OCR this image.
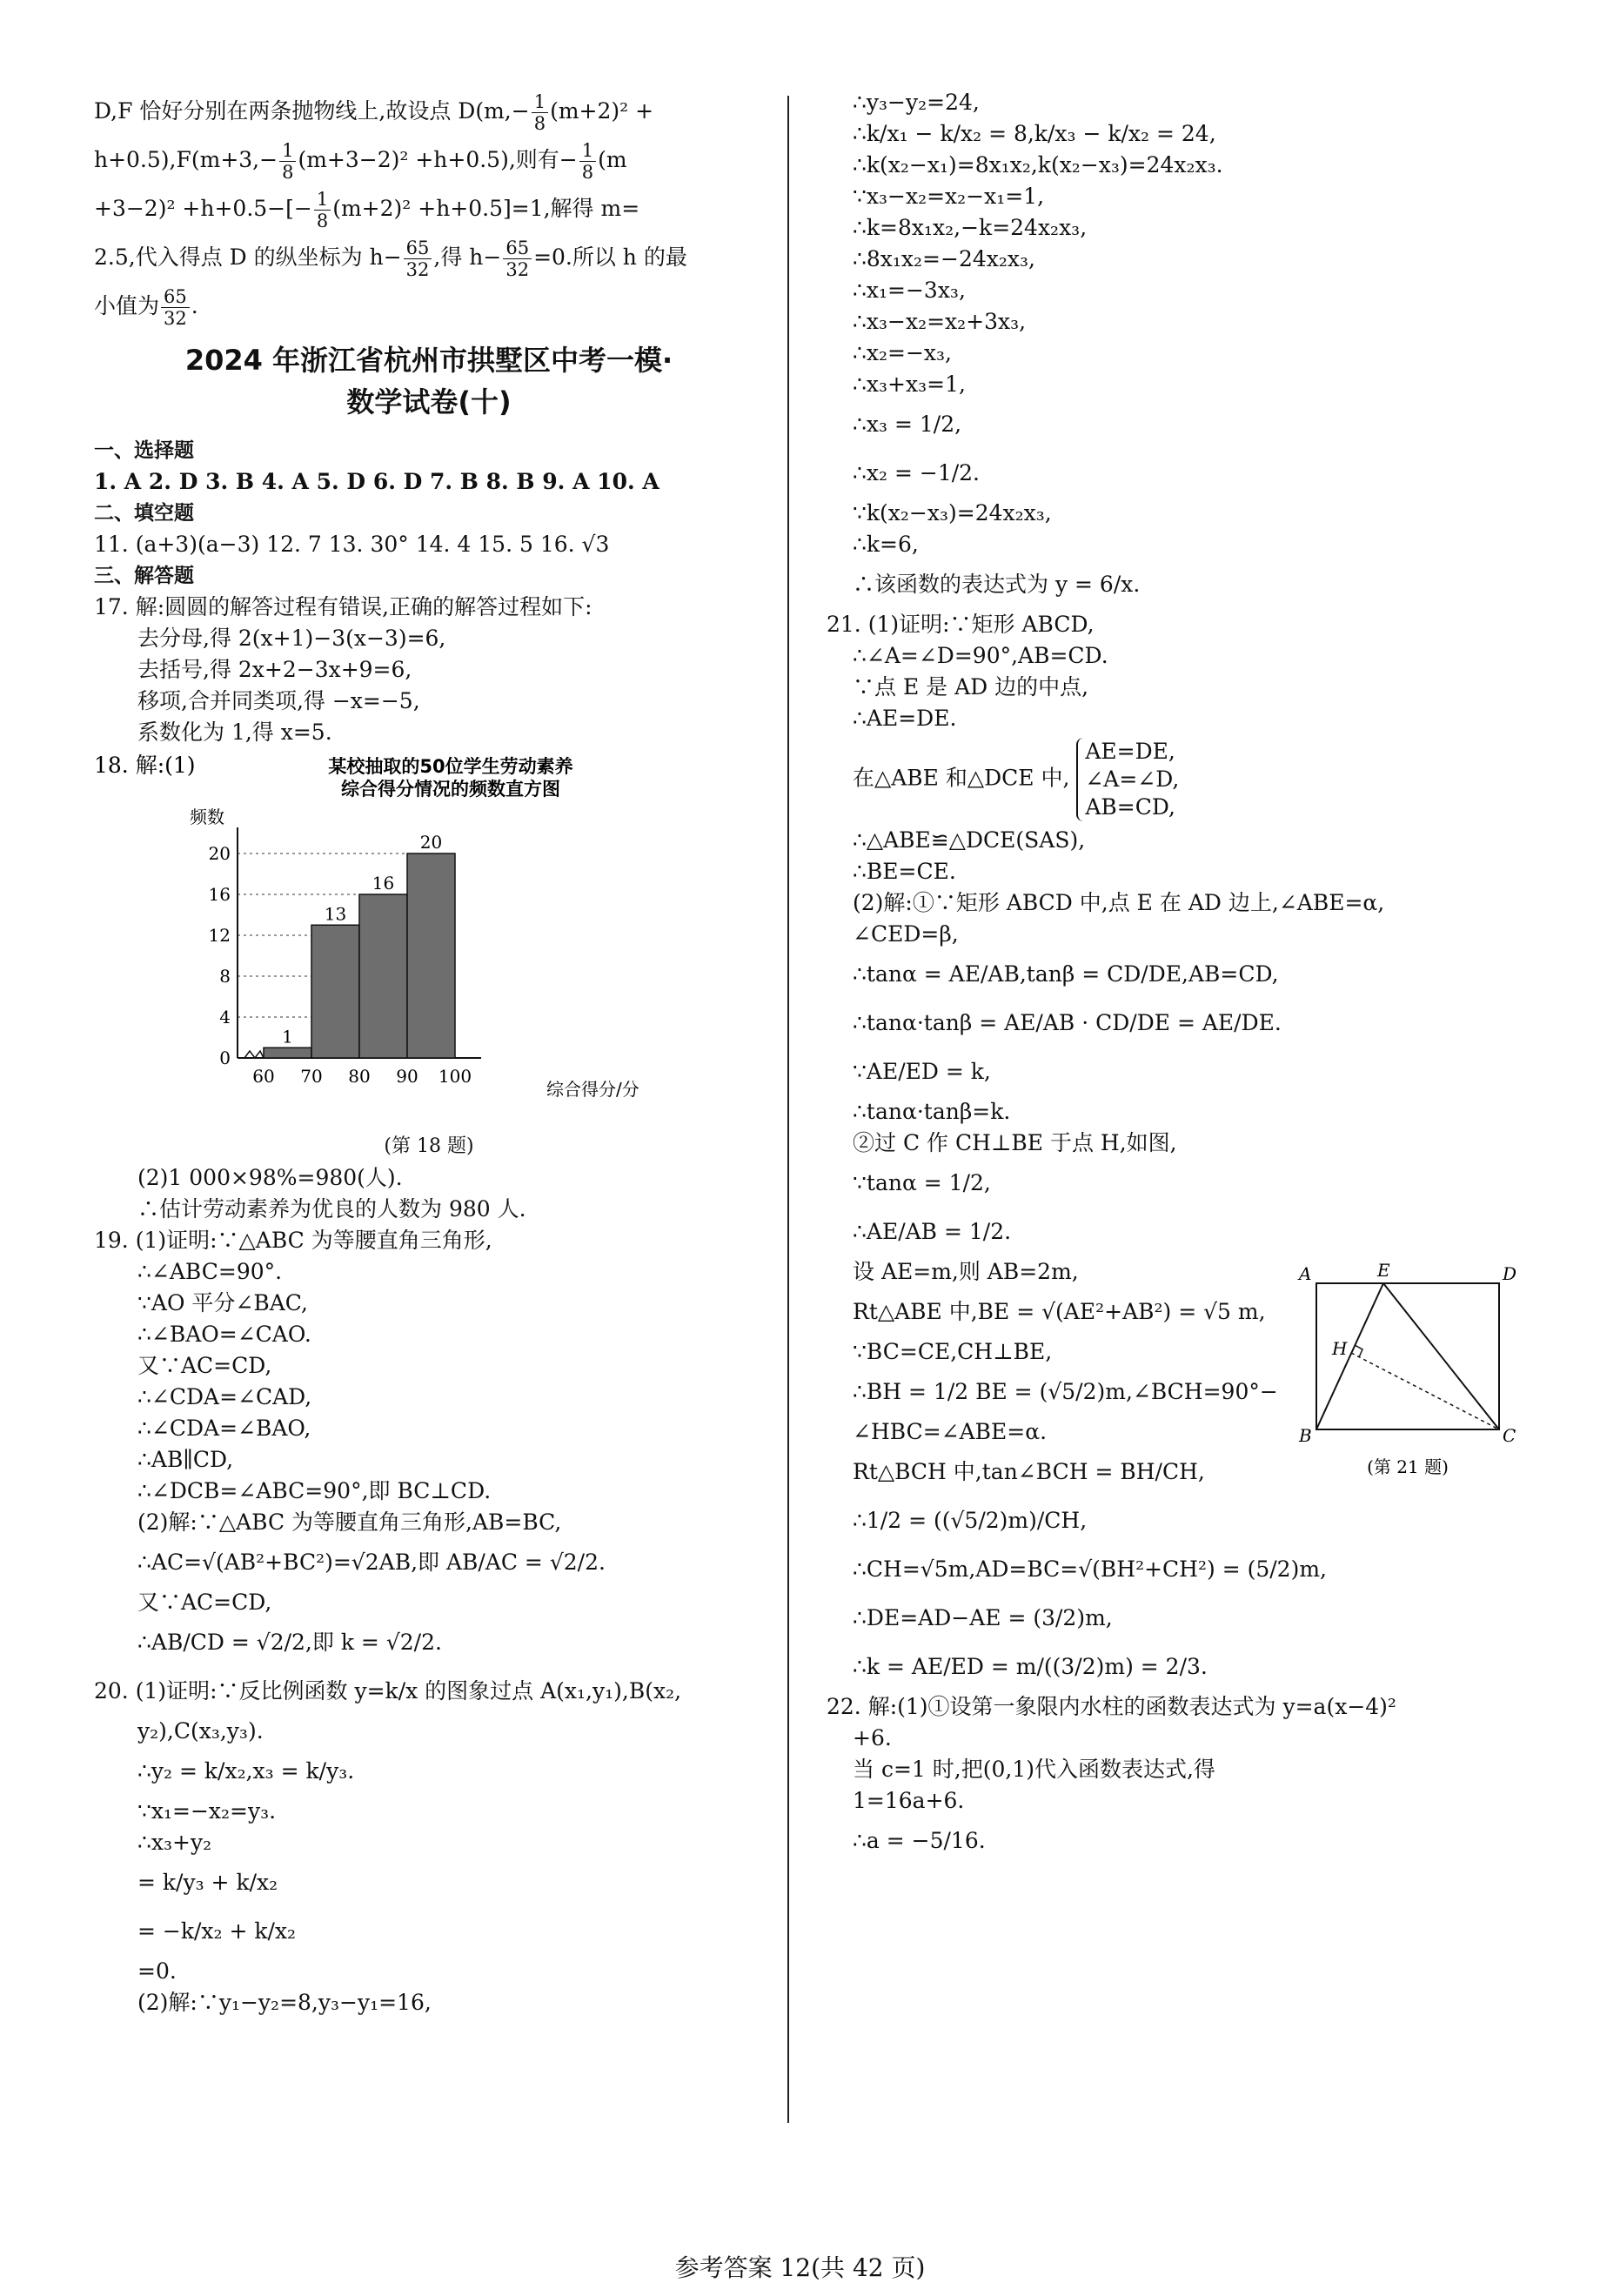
D,F 恰好分别在两条抛物线上,故设点 $D(m,- \frac{1}{8} (m+2)^2$ +
$h+0.5),F(m+3,- \frac{1}{8} (m+3-2)^2 +h+0.5)$,则有− $\frac{1}{8} (m$
$+3-2)^2 +h+0.5-[- \frac{1}{8} (m+2)^2 +h+0.5]=1$,解得 m=
2.5,代入得点 D 的纵坐标为 $h- \frac{65}{32}$ ,得 $h- \frac{65}{32} =0$.所以 h 的最
小值为 $\frac{65}{32}$ .
2024 年浙江省杭州市拱墅区中考一模·
数学试卷(十)
一、选择题
1. A 2. D 3. B 4. A 5. D 6. D 7. B 8. B 9. A 10. A
二、填空题
11. (a+3)(a−3) 12. 7 13. 30° 14. 4 15. 5 16. √3
三、解答题
17. 解:圆圆的解答过程有错误,正确的解答过程如下:
去分母,得 2(x+1)−3(x−3)=6,
去括号,得 2x+2−3x+9=6,
移项,合并同类项,得 −x=−5,
系数化为 1,得 x=5.
18. 解:(1)	某校抽取的50位学生劳动素养
综合得分情况的频数直方图
频数
综合得分/分
0
4
8
12
16
20
1
13
16
20
60 70 80 90 100
(第 18 题)
(2)1 000×98%=980(人).
∴估计劳动素养为优良的人数为 980 人.
19. (1)证明:∵△ABC 为等腰直角三角形,
∴∠ABC=90°.
∵AO 平分∠BAC,
∴∠BAO=∠CAO.
又∵AC=CD,
∴∠CDA=∠CAD,
∴∠CDA=∠BAO,
∴AB∥CD,
∴∠DCB=∠ABC=90°,即 BC⊥CD.
(2)解:∵△ABC 为等腰直角三角形,AB=BC,
∴AC=√(AB²+BC²)=√2AB,即 AB/AC = √2/2.
又∵AC=CD,
∴AB/CD = √2/2,即 k = √2/2.
20. (1)证明:∵反比例函数 y=k/x 的图象过点 A(x₁,y₁),B(x₂,
y₂),C(x₃,y₃).
∴y₂ = k/x₂,x₃ = k/y₃.
∵x₁=−x₂=y₃.
∴x₃+y₂
= k/y₃ + k/x₂
= −k/x₂ + k/x₂
=0.
(2)解:∵y₁−y₂=8,y₃−y₁=16,
∴y₃−y₂=24,
∴k/x₁ − k/x₂ = 8,k/x₃ − k/x₂ = 24,
∴k(x₂−x₁)=8x₁x₂,k(x₂−x₃)=24x₂x₃.
∵x₃−x₂=x₂−x₁=1,
∴k=8x₁x₂,−k=24x₂x₃,
∴8x₁x₂=−24x₂x₃,
∴x₁=−3x₃,
∴x₃−x₂=x₂+3x₃,
∴x₂=−x₃,
∴x₃+x₃=1,
∴x₃ = 1/2,
∴x₂ = −1/2.
∵k(x₂−x₃)=24x₂x₃,
∴k=6,
∴该函数的表达式为 y = 6/x.
21. (1)证明:∵矩形 ABCD,
∴∠A=∠D=90°,AB=CD.
∵点 E 是 AD 边的中点,
∴AE=DE.
在△ABE 和△DCE 中,
AE=DE,
∠A=∠D,
AB=CD,
∴△ABE≌△DCE(SAS),
∴BE=CE.
(2)解:①∵矩形 ABCD 中,点 E 在 AD 边上,∠ABE=α,
∠CED=β,
∴tanα = AE/AB,tanβ = CD/DE,AB=CD,
∴tanα·tanβ = AE/AB · CD/DE = AE/DE.
∵AE/ED = k,
∴tanα·tanβ=k.
②过 C 作 CH⊥BE 于点 H,如图,
∵tanα = 1/2,
∴AE/AB = 1/2.
设 AE=m,则 AB=2m,
Rt△ABE 中,BE = √(AE²+AB²) = √5 m,
∵BC=CE,CH⊥BE,
∴BH = 1/2 BE = (√5/2)m,∠BCH=90°−
∠HBC=∠ABE=α.
Rt△BCH 中,tan∠BCH = BH/CH,
∴1/2 = ((√5/2)m)/CH,
∴CH=√5m,AD=BC=√(BH²+CH²) = (5/2)m,
∴DE=AD−AE = (3/2)m,
∴k = AE/ED = m/((3/2)m) = 2/3.
22. 解:(1)①设第一象限内水柱的函数表达式为 y=a(x−4)²
+6.
当 c=1 时,把(0,1)代入函数表达式,得
1=16a+6.
∴a = −5/16.
A	E	D
H
B	C
(第 21 题)
参考答案 12(共 42 页)
